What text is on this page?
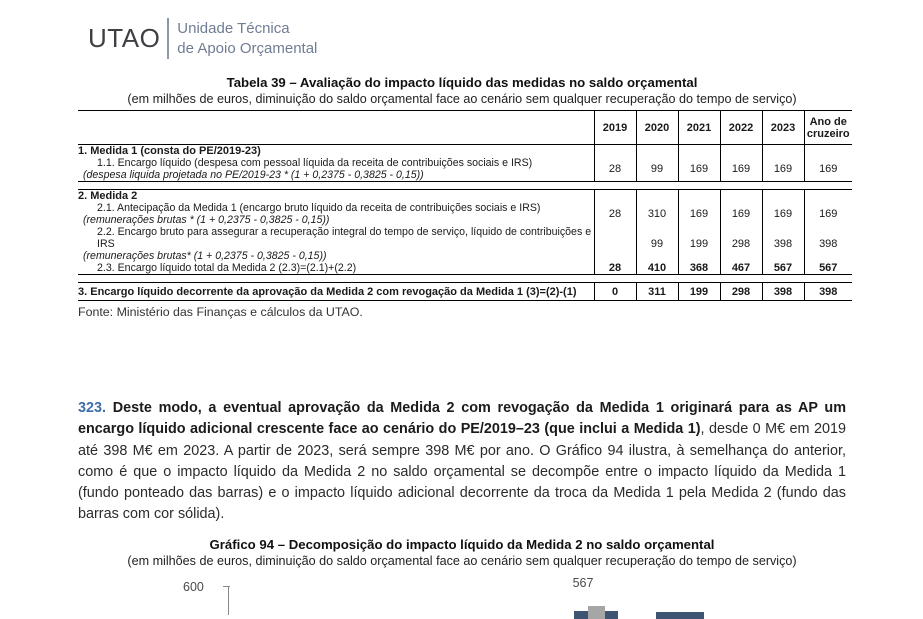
UTAO	Unidade Técnica
de Apoio Orçamental
Tabela 39 – Avaliação do impacto líquido das medidas no saldo orçamental
(em milhões de euros, diminuição do saldo orçamental face ao cenário sem qualquer recuperação do tempo de serviço)
	2019	2020	2021	2022	2023	Ano de
cruzeiro

1. Medida 1 (consta do PE/2019-23)						

1.1. Encargo líquido (despesa com pessoal líquida da receita de contribuições sociais e IRS)
(despesa liquida projetada no PE/2019-23 * (1 + 0,2375 - 0,3825 - 0,15))	28	99	169	169	169	169

2. Medida 2						

2.1. Antecipação da Medida 1 (encargo bruto líquido da receita de contribuições sociais e IRS)
(remunerações brutas * (1 + 0,2375 - 0,3825 - 0,15))	28	310	169	169	169	169

2.2. Encargo bruto para assegurar a recuperação integral do tempo de serviço, líquido de contribuições e IRS
(remunerações brutas* (1 + 0,2375 - 0,3825 - 0,15))		99	199	298	398	398

2.3. Encargo líquido total da Medida 2 (2.3)=(2.1)+(2.2)	28	410	368	467	567	567

3. Encargo líquido decorrente da aprovação da Medida 2 com revogação da Medida 1 (3)=(2)-(1)	0	311	199	298	398	398
Fonte: Ministério das Finanças e cálculos da UTAO.
323. Deste modo, a eventual aprovação da Medida 2 com revogação da Medida 1 originará para as AP um encargo líquido adicional crescente face ao cenário do PE/2019–23 (que inclui a Medida 1), desde 0 M€ em 2019 até 398 M€ em 2023. A partir de 2023, será sempre 398 M€ por ano. O Gráfico 94 ilustra, à semelhança do anterior, como é que o impacto líquido da Medida 2 no saldo orçamental se decompõe entre o impacto líquido da Medida 1 (fundo ponteado das barras) e o impacto líquido adicional decorrente da troca da Medida 1 pela Medida 2 (fundo das barras com cor sólida).
Gráfico 94 – Decomposição do impacto líquido da Medida 2 no saldo orçamental
(em milhões de euros, diminuição do saldo orçamental face ao cenário sem qualquer recuperação do tempo de serviço)
600	567
